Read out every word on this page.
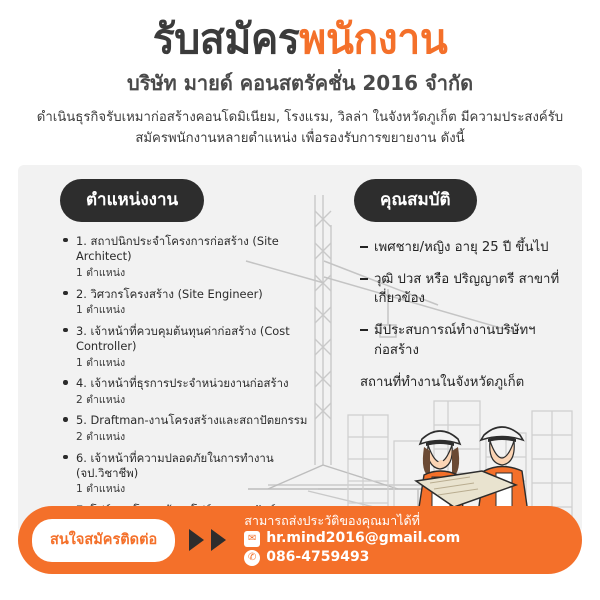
รับสมัครพนักงาน
บริษัท มายด์ คอนสตรัคชั่น 2016 จำกัด
ดำเนินธุรกิจรับเหมาก่อสร้างคอนโดมิเนียม, โรงแรม, วิลล่า ในจังหวัดภูเก็ต มีความประสงค์รับสมัครพนักงานหลายตำแหน่ง เพื่อรองรับการขยายงาน ดังนี้
ตำแหน่งงาน
1. สถาปนิกประจำโครงการก่อสร้าง (Site Architect)
1 ตำแหน่ง
2. วิศวกรโครงสร้าง (Site Engineer)
1 ตำแหน่ง
3. เจ้าหน้าที่ควบคุมต้นทุนค่าก่อสร้าง (Cost Controller)
1 ตำแหน่ง
4. เจ้าหน้าที่ธุรการประจำหน่วยงานก่อสร้าง
2 ตำแหน่ง
5. Draftman-งานโครงสร้างและสถาปัตยกรรม
2 ตำแหน่ง
6. เจ้าหน้าที่ความปลอดภัยในการทำงาน (จป.วิชาชีพ)
1 ตำแหน่ง
คุณสมบัติ
เพศชาย/หญิง อายุ 25 ปี ขึ้นไป
วุฒิ ปวส หรือ ปริญญาตรี สาขาที่เกี่ยวข้อง
มีประสบการณ์ทำงานบริษัทฯ ก่อสร้าง
สถานที่ทำงานในจังหวัดภูเก็ต
สนใจสมัครติดต่อ
สามารถส่งประวัติของคุณมาได้ที่
✉ hr.mind2016@gmail.com
✆ 086-4759493
